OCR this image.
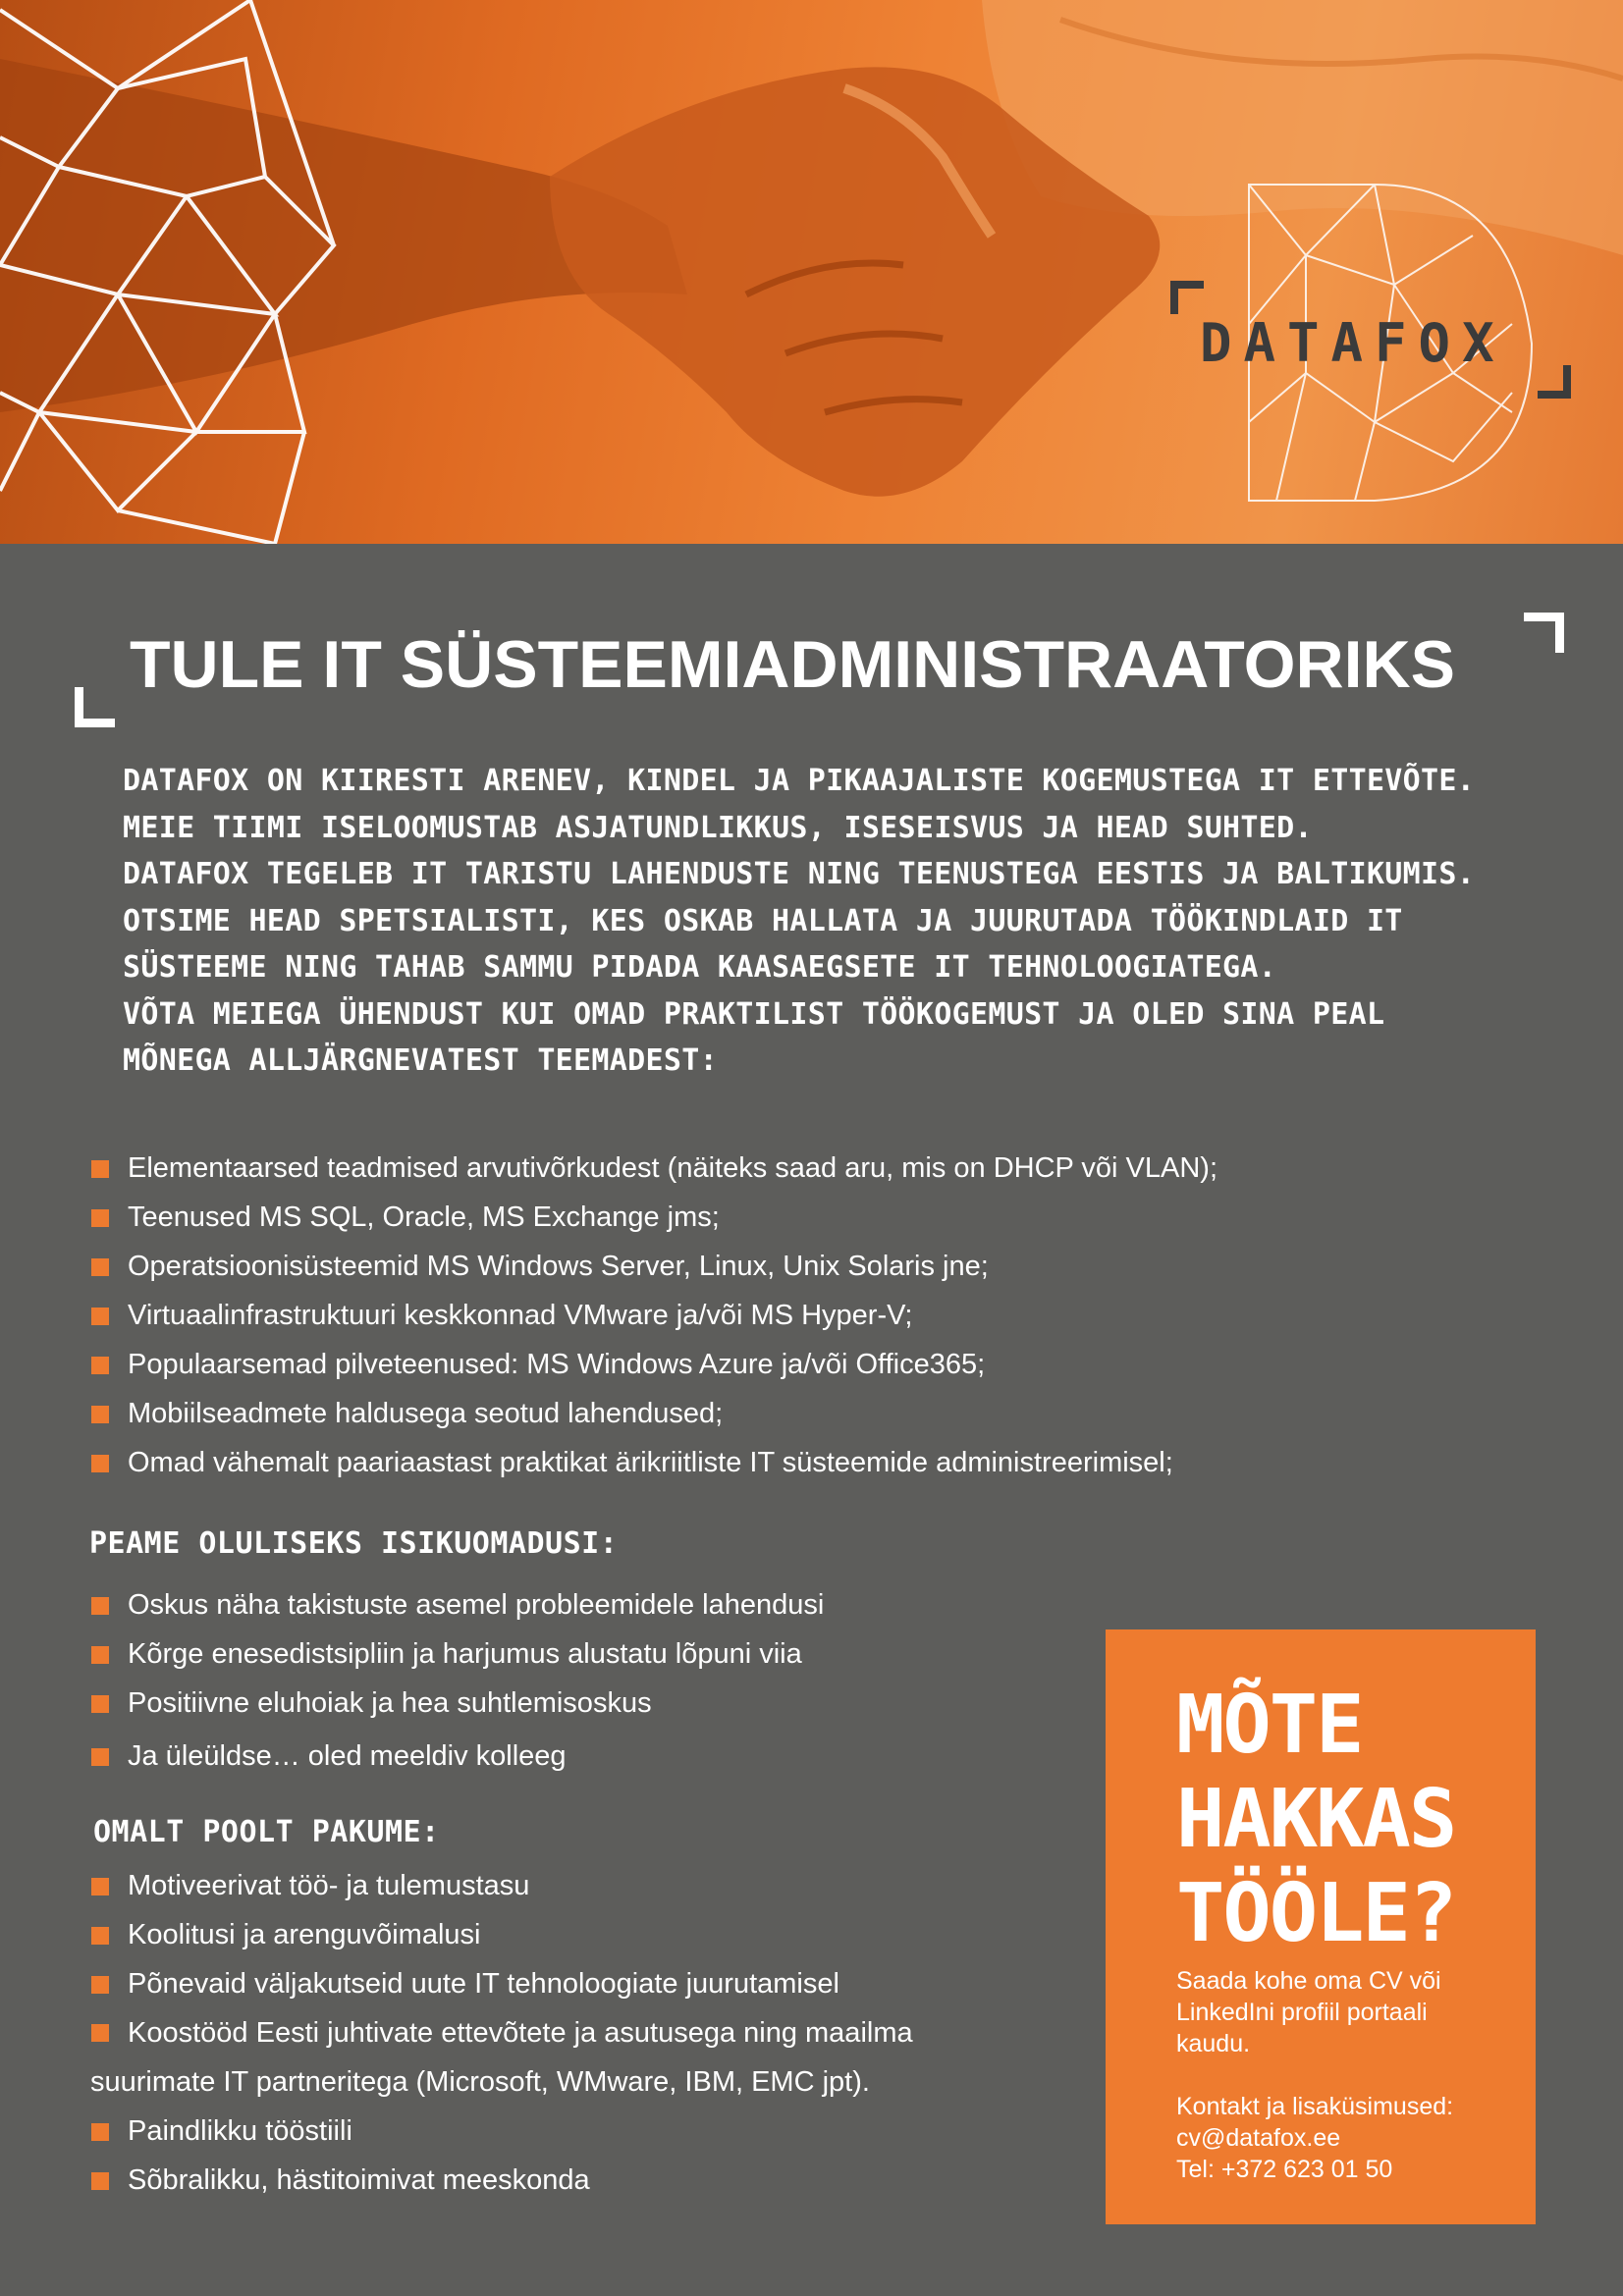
DATAFOX
TULE IT SÜSTEEMIADMINISTRAATORIKS
DATAFOX ON KIIRESTI ARENEV, KINDEL JA PIKAAJALISTE KOGEMUSTEGA IT ETTEVÕTE.
MEIE TIIMI ISELOOMUSTAB ASJATUNDLIKKUS, ISESEISVUS JA HEAD SUHTED.
DATAFOX TEGELEB IT TARISTU LAHENDUSTE NING TEENUSTEGA EESTIS JA BALTIKUMIS.
OTSIME HEAD SPETSIALISTI, KES OSKAB HALLATA JA JUURUTADA TÖÖKINDLAID IT
SÜSTEEME NING TAHAB SAMMU PIDADA KAASAEGSETE IT TEHNOLOOGIATEGA.
VÕTA MEIEGA ÜHENDUST KUI OMAD PRAKTILIST TÖÖKOGEMUST JA OLED SINA PEAL
MÕNEGA ALLJÄRGNEVATEST TEEMADEST:
Elementaarsed teadmised arvutivõrkudest (näiteks saad aru, mis on DHCP või VLAN);
Teenused MS SQL, Oracle, MS Exchange jms;
Operatsioonisüsteemid MS Windows Server, Linux, Unix Solaris jne;
Virtuaalinfrastruktuuri keskkonnad VMware ja/või MS Hyper-V;
Populaarsemad pilveteenused: MS Windows Azure ja/või Office365;
Mobiilseadmete haldusega seotud lahendused;
Omad vähemalt paariaastast praktikat ärikriitliste IT süsteemide administreerimisel;
PEAME OLULISEKS ISIKUOMADUSI:
Oskus näha takistuste asemel probleemidele lahendusi
Kõrge enesedistsipliin ja harjumus alustatu lõpuni viia
Positiivne eluhoiak ja hea suhtlemisoskus
Ja üleüldse… oled meeldiv kolleeg
OMALT POOLT PAKUME:
Motiveerivat töö- ja tulemustasu
Koolitusi ja arenguvõimalusi
Põnevaid väljakutseid uute IT tehnoloogiate juurutamisel
Koostööd Eesti juhtivate ettevõtete ja asutusega ning maailma
suurimate IT partneritega (Microsoft, WMware, IBM, EMC jpt).
Paindlikku tööstiili
Sõbralikku, hästitoimivat meeskonda
MÕTE
HAKKAS
TÖÖLE?
Saada kohe oma CV või
LinkedIni profiil portaali
kaudu.
Kontakt ja lisaküsimused:
cv@datafox.ee
Tel: +372 623 01 50
